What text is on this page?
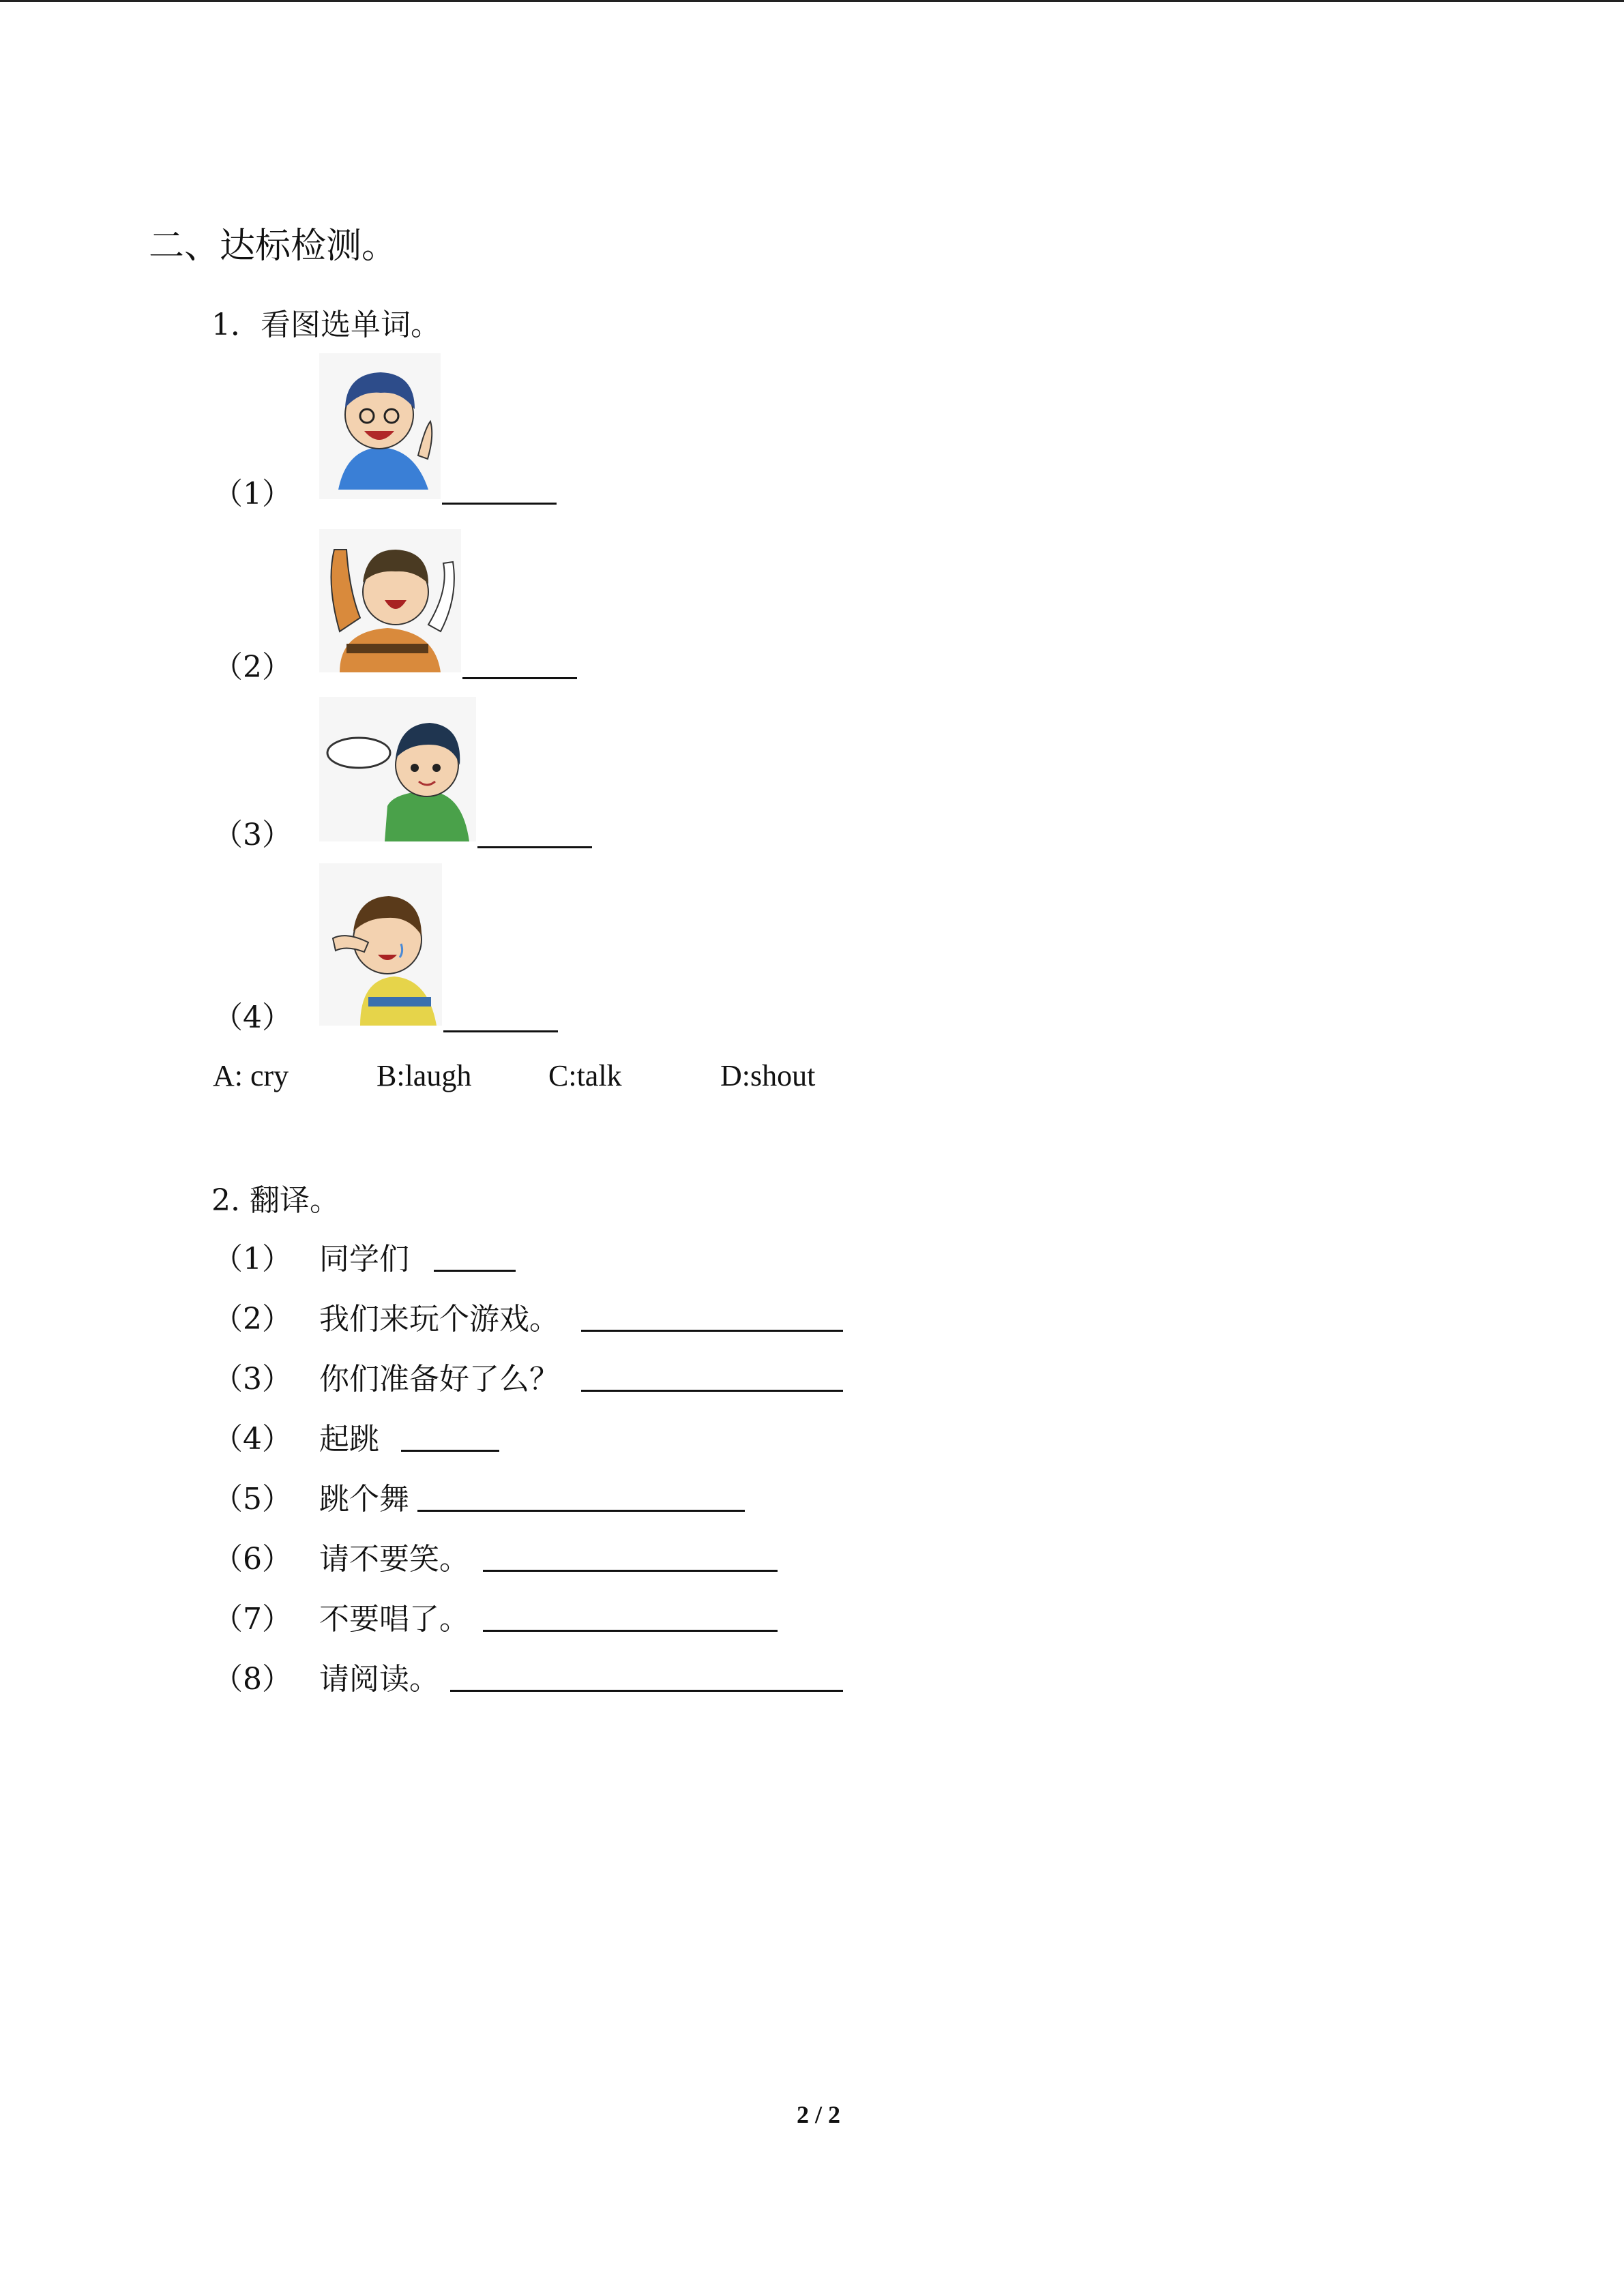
二、达标检测。
1．看图选单词。
（1）
（2）
（3）
（4）
A: cry	B:laugh	C:talk	D:shout
2. 翻译。
（1） 同学们
（2） 我们来玩个游戏。
（3） 你们准备好了么？
（4） 起跳
（5） 跳个舞
（6） 请不要笑。
（7） 不要唱了。
（8） 请阅读。
2 / 2
